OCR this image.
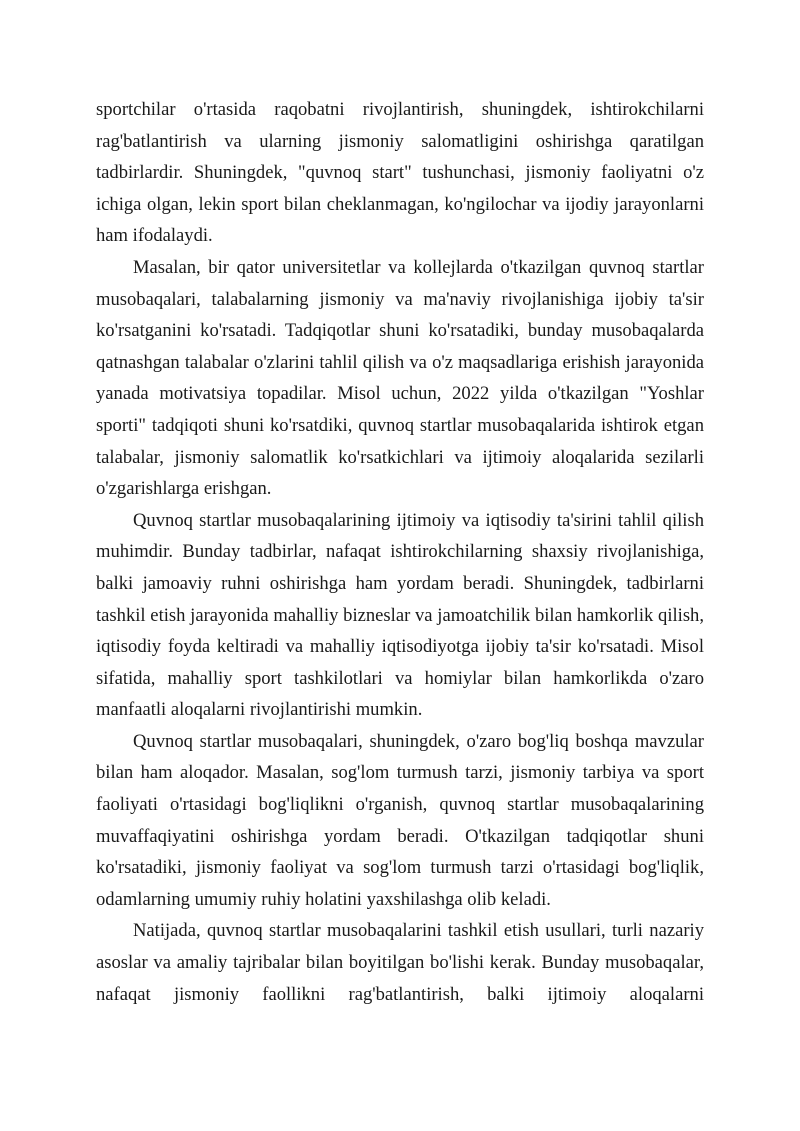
sportchilar o'rtasida raqobatni rivojlantirish, shuningdek, ishtirokchilarni rag'batlantirish va ularning jismoniy salomatligini oshirishga qaratilgan tadbirlardir. Shuningdek, "quvnoq start" tushunchasi, jismoniy faoliyatni o'z ichiga olgan, lekin sport bilan cheklanmagan, ko'ngilochar va ijodiy jarayonlarni ham ifodalaydi.

Masalan, bir qator universitetlar va kollejlarda o'tkazilgan quvnoq startlar musobaqalari, talabalarning jismoniy va ma'naviy rivojlanishiga ijobiy ta'sir ko'rsatganini ko'rsatadi. Tadqiqotlar shuni ko'rsatadiki, bunday musobaqalarda qatnashgan talabalar o'zlarini tahlil qilish va o'z maqsadlariga erishish jarayonida yanada motivatsiya topadilar. Misol uchun, 2022 yilda o'tkazilgan "Yoshlar sporti" tadqiqoti shuni ko'rsatdiki, quvnoq startlar musobaqalarida ishtirok etgan talabalar, jismoniy salomatlik ko'rsatkichlari va ijtimoiy aloqalarida sezilarli o'zgarishlarga erishgan.

Quvnoq startlar musobaqalarining ijtimoiy va iqtisodiy ta'sirini tahlil qilish muhimdir. Bunday tadbirlar, nafaqat ishtirokchilarning shaxsiy rivojlanishiga, balki jamoaviy ruhni oshirishga ham yordam beradi. Shuningdek, tadbirlarni tashkil etish jarayonida mahalliy bizneslar va jamoatchilik bilan hamkorlik qilish, iqtisodiy foyda keltiradi va mahalliy iqtisodiyotga ijobiy ta'sir ko'rsatadi. Misol sifatida, mahalliy sport tashkilotlari va homiylar bilan hamkorlikda o'zaro manfaatli aloqalarni rivojlantirishi mumkin.

Quvnoq startlar musobaqalari, shuningdek, o'zaro bog'liq boshqa mavzular bilan ham aloqador. Masalan, sog'lom turmush tarzi, jismoniy tarbiya va sport faoliyati o'rtasidagi bog'liqlikni o'rganish, quvnoq startlar musobaqalarining muvaffaqiyatini oshirishga yordam beradi. O'tkazilgan tadqiqotlar shuni ko'rsatadiki, jismoniy faoliyat va sog'lom turmush tarzi o'rtasidagi bog'liqlik, odamlarning umumiy ruhiy holatini yaxshilashga olib keladi.

Natijada, quvnoq startlar musobaqalarini tashkil etish usullari, turli nazariy asoslar va amaliy tajribalar bilan boyitilgan bo'lishi kerak. Bunday musobaqalar, nafaqat jismoniy faollikni rag'batlantirish, balki ijtimoiy aloqalarni
